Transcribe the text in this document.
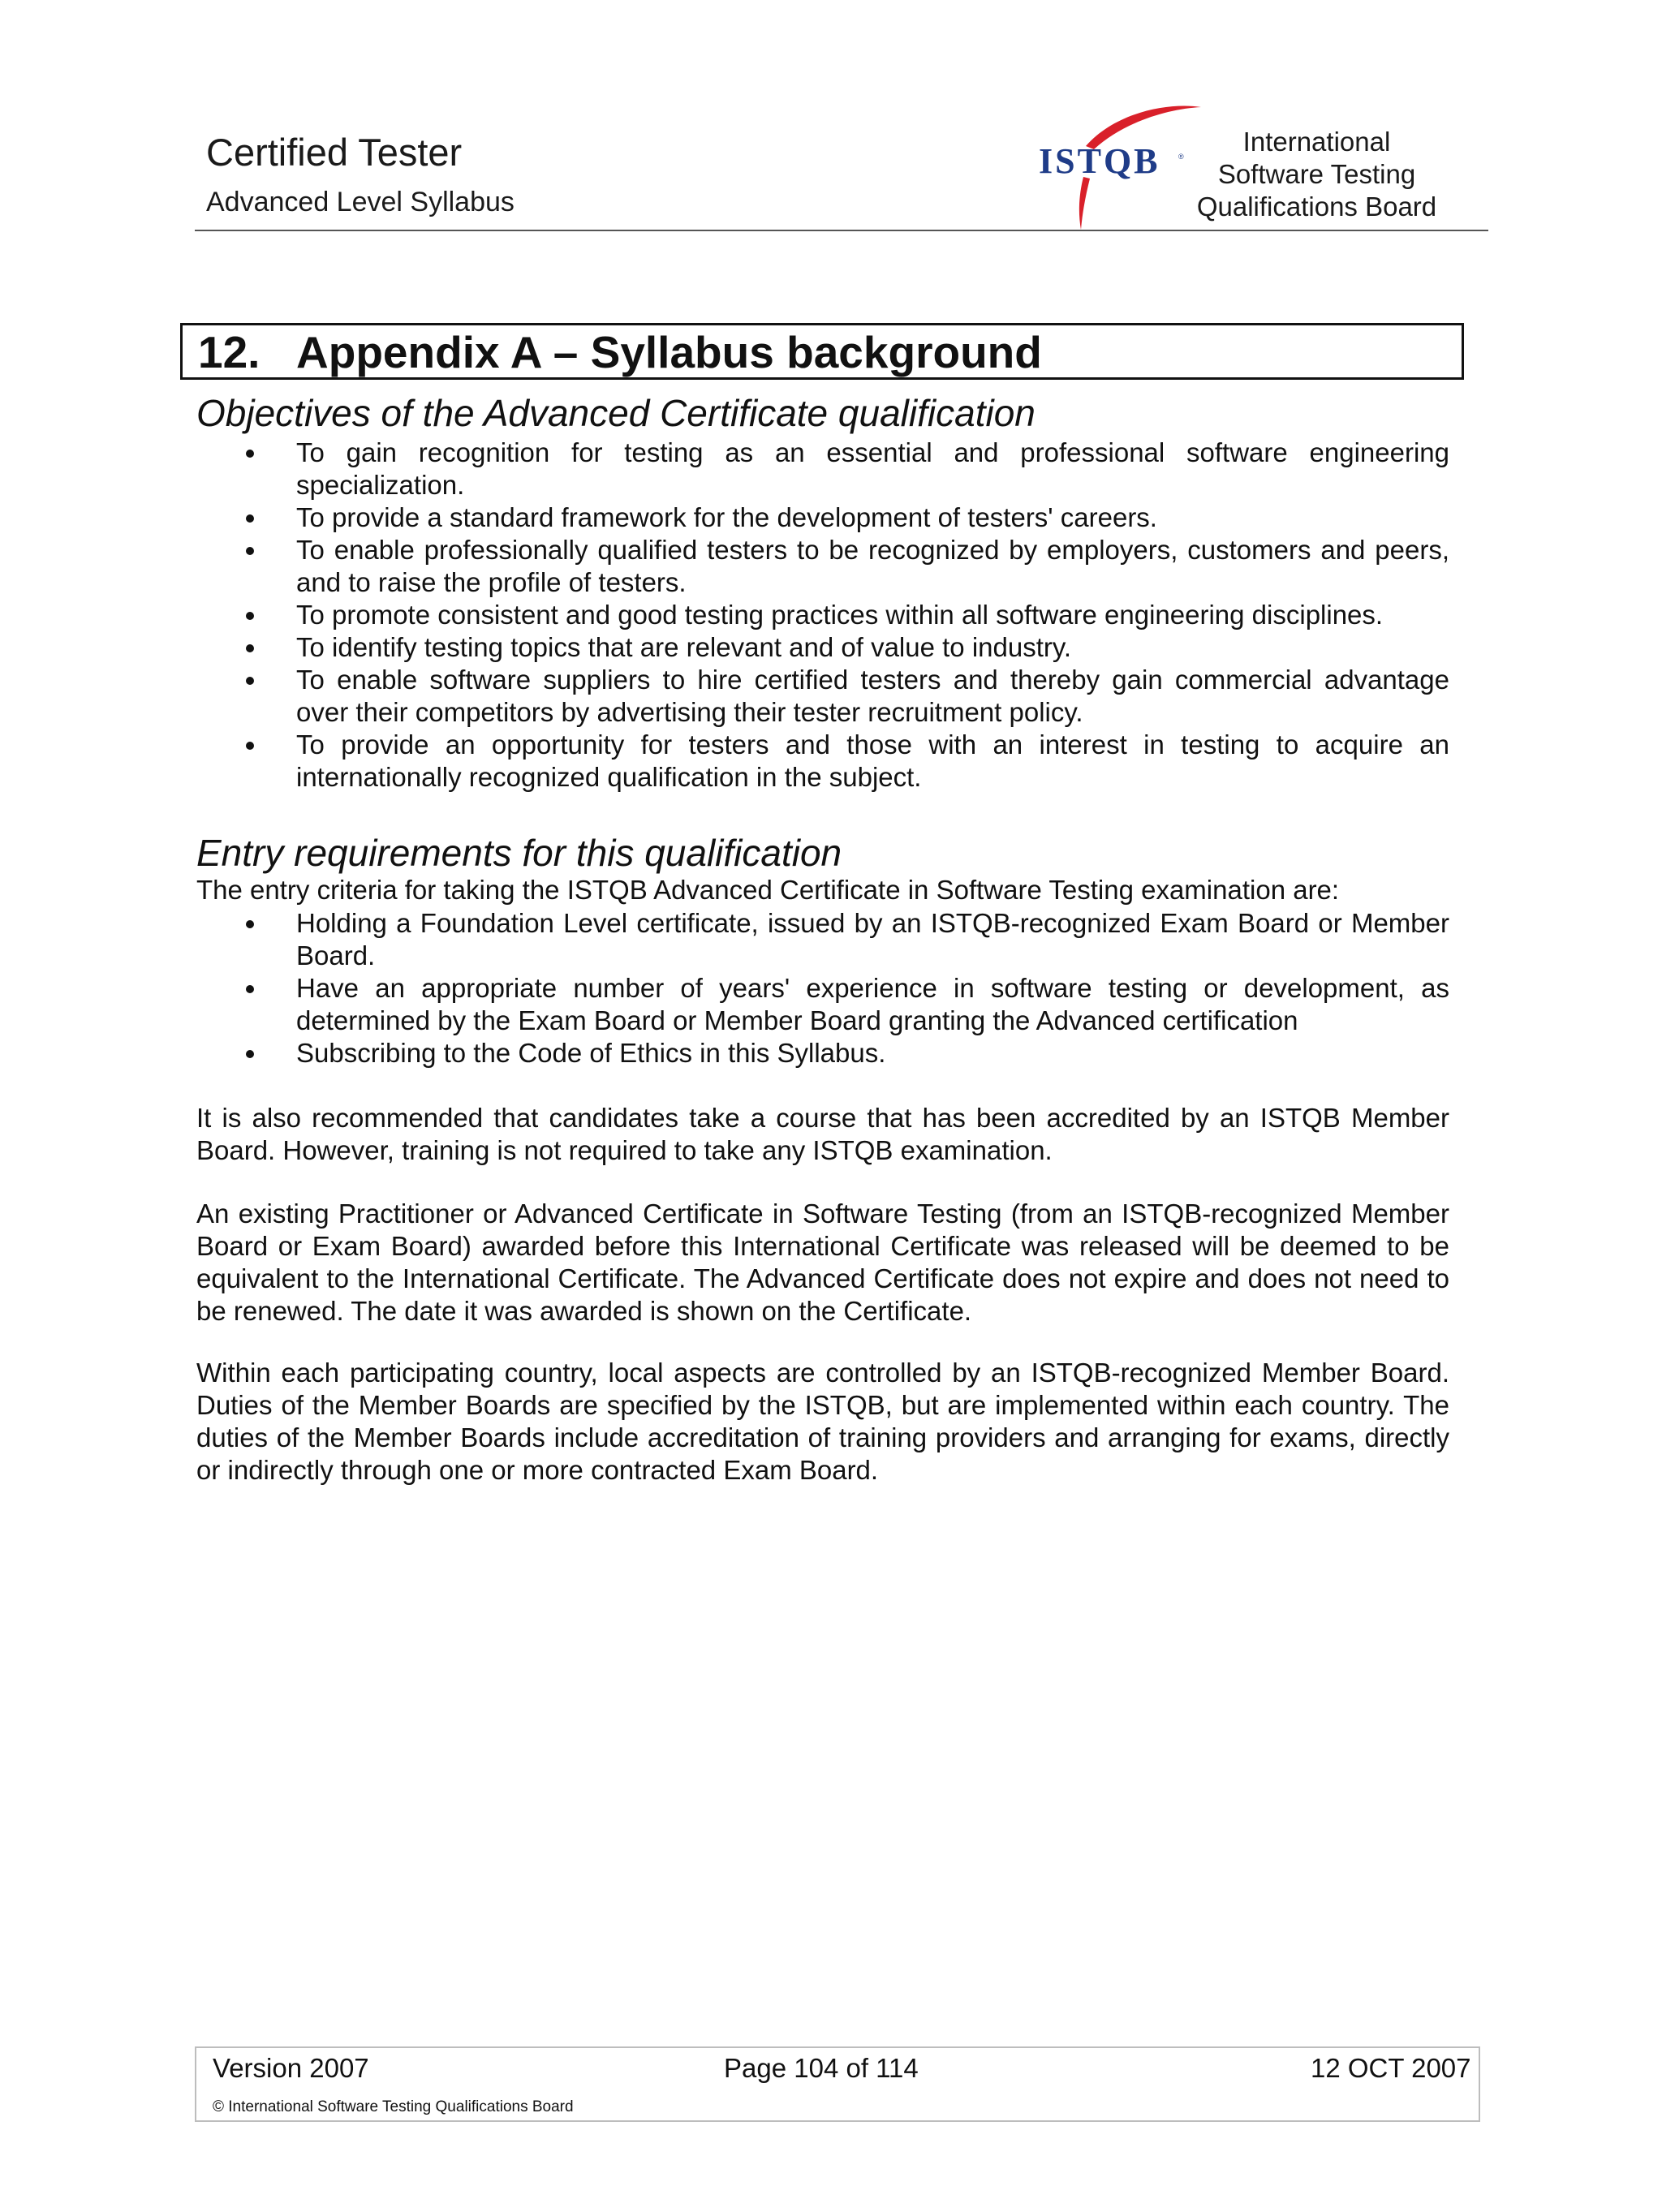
Certified Tester
Advanced Level Syllabus
ISTQB ®	International
Software Testing
Qualifications Board
12. Appendix A – Syllabus background
Objectives of the Advanced Certificate qualification
To gain recognition for testing as an essential and professional software engineering specialization.
To provide a standard framework for the development of testers' careers.
To enable professionally qualified testers to be recognized by employers, customers and peers, and to raise the profile of testers.
To promote consistent and good testing practices within all software engineering disciplines.
To identify testing topics that are relevant and of value to industry.
To enable software suppliers to hire certified testers and thereby gain commercial advantage over their competitors by advertising their tester recruitment policy.
To provide an opportunity for testers and those with an interest in testing to acquire an internationally recognized qualification in the subject.
Entry requirements for this qualification
The entry criteria for taking the ISTQB Advanced Certificate in Software Testing examination are:
Holding a Foundation Level certificate, issued by an ISTQB-recognized Exam Board or Member Board.
Have an appropriate number of years' experience in software testing or development, as determined by the Exam Board or Member Board granting the Advanced certification
Subscribing to the Code of Ethics in this Syllabus.
It is also recommended that candidates take a course that has been accredited by an ISTQB Member Board. However, training is not required to take any ISTQB examination.
An existing Practitioner or Advanced Certificate in Software Testing (from an ISTQB-recognized Member Board or Exam Board) awarded before this International Certificate was released will be deemed to be equivalent to the International Certificate. The Advanced Certificate does not expire and does not need to be renewed. The date it was awarded is shown on the Certificate.
Within each participating country, local aspects are controlled by an ISTQB-recognized Member Board. Duties of the Member Boards are specified by the ISTQB, but are implemented within each country. The duties of the Member Boards include accreditation of training providers and arranging for exams, directly or indirectly through one or more contracted Exam Board.
Version 2007	Page 104 of 114	12 OCT 2007
© International Software Testing Qualifications Board
